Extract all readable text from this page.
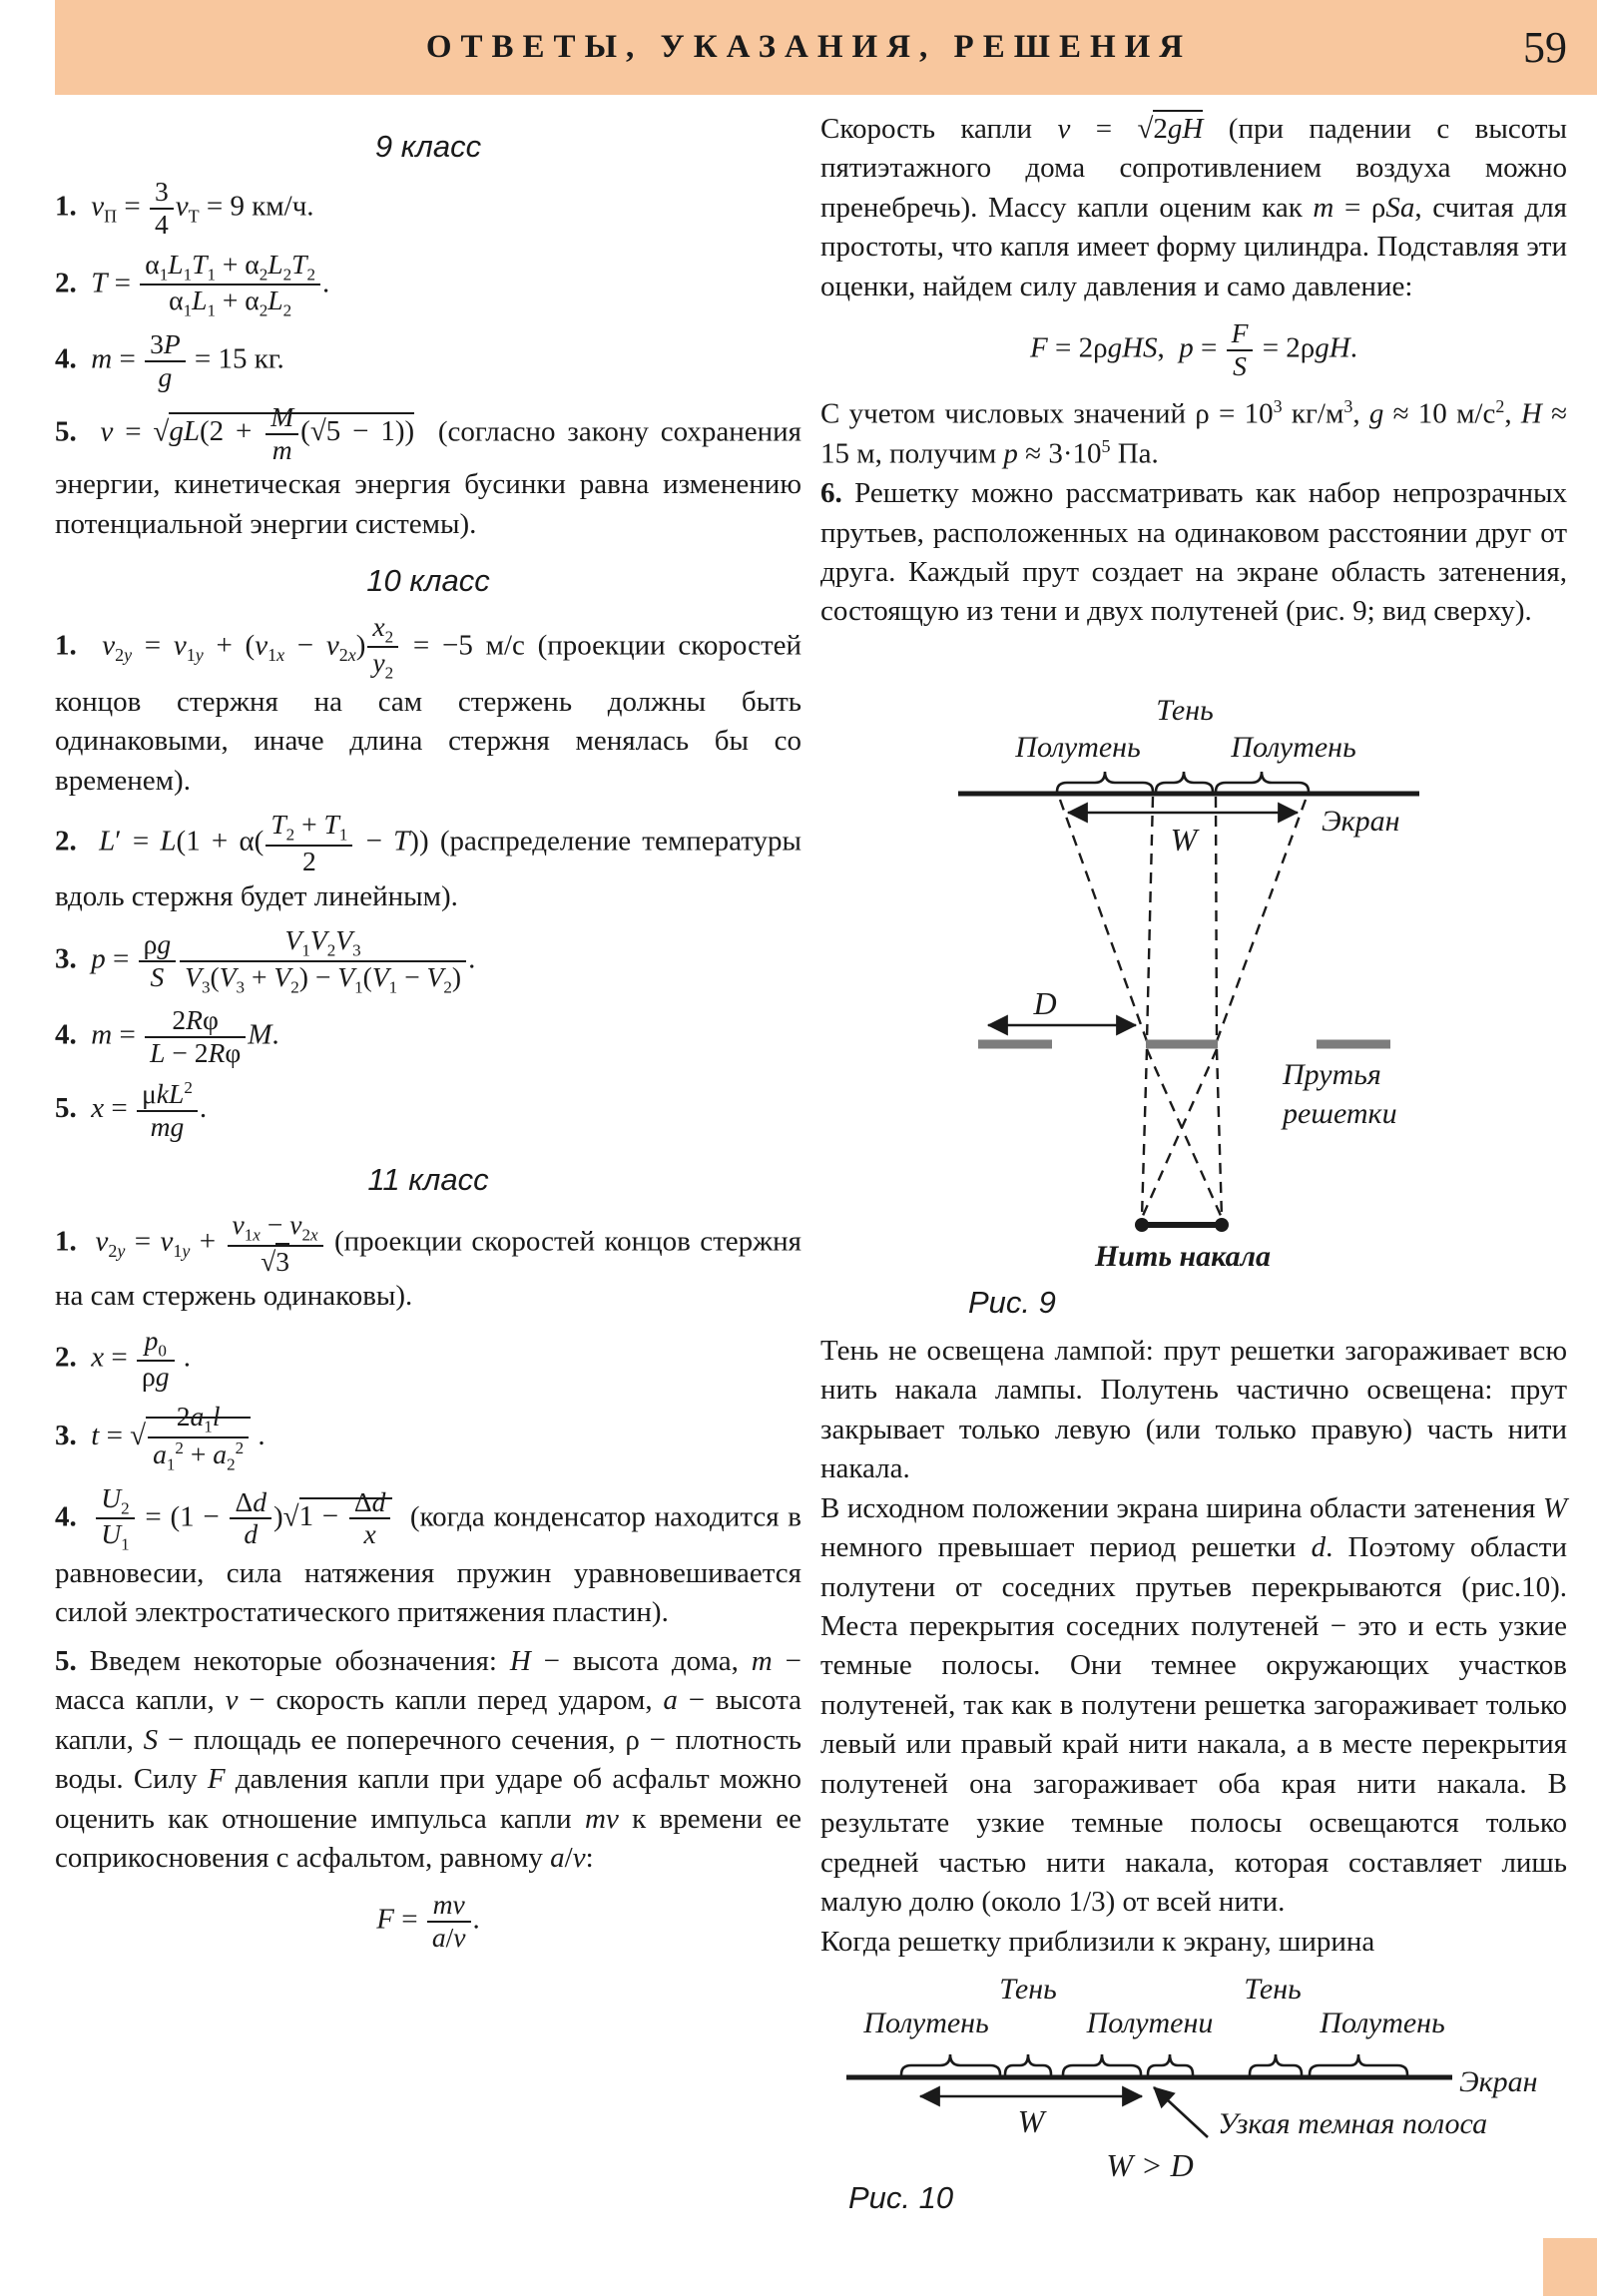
ОТВЕТЫ, УКАЗАНИЯ, РЕШЕНИЯ	59
9 класс
1. $v_П = \frac{3}{4} v_Т = 9$ км/ч.
2. $T = \frac{\alpha_1L_1T_1 + \alpha_2L_2T_2}{\alpha_1L_1 + \alpha_2L_2}$ .
4. $m = \frac{3P}{g} = 15$ кг.
5. $v = √gL(2 + \frac{M}{m} (√5 - 1))$  (согласно закону сохранения энергии, кинетическая энергия бусинки равна изменению потенциальной энергии системы).
10 класс
1. $v_{2y} = v_{1y} + (v_{1x} - v_{2x}) \frac{x_2}{y_2} = -5$ м/с (проекции скоростей концов стержня на сам стержень должны быть одинаковыми, иначе длина стержня менялась бы со временем).
2. $L' = L(1 + \alpha( \frac{T_2 + T_1}{2} - T))$ (распределение температуры вдоль стержня будет линейным).
3. $p = \frac{\rho g}{S} \frac{V_1V_2V_3}{V_3(V_3 + V_2) - V_1(V_1 - V_2)}$ .
4. $m = \frac{2R\varphi}{L - 2R\varphi} M$.
5. x = μkL$^2$
mg
.
11 класс
1. $v_{2y} = v_{1y} + \frac{v_{1x} - v_{2x}}{√3}$ (проекции скоростей концов стержня на сам стержень одинаковы).
2. $x = \frac{p_0}{\rho g}$ .
3. t = √ $\frac{2a_1l}{a_1^2 + a_2^2}$ .
4. $\frac{U_2}{U_1} = (1 - \frac{\Delta d}{d} )√1 - \frac{\Delta d}{x}$ (когда конденсатор находится в равновесии, сила натяжения пружин уравновешивается силой электростатического притяжения пластин).
5. Введем некоторые обозначения: H − высота дома, m − масса капли, v − скорость капли перед ударом, a − высота капли, S − площадь ее поперечного сечения, ρ − плотность воды. Силу F давления капли при ударе об асфальт можно оценить как отношение импульса капли mv к времени ее соприкосновения с асфальтом, равному a/v:
$F = \frac{mv}{a/v}$ .
Скорость капли v = √2gH (при падении с высоты пятиэтажного дома сопротивлением воздуха можно пренебречь). Массу капли оценим как m = ρSa, считая для простоты, что капля имеет форму цилиндра. Подставляя эти оценки, найдем силу давления и само давление:
F = 2ρgHS,  $p = \frac{F}{S} = 2\rho gH$.
С учетом числовых значений $\rho = 10^3$ $кг/м^3$, g ≈ 10 $м/с^2$, H ≈ 15 м, получим $p \approx 3\cdot 10^5$ Па.
6. Решетку можно рассматривать как набор непрозрачных прутьев, расположенных на одинаковом расстоянии друг от друга. Каждый прут создает на экране область затенения, состоящую из тени и двух полутеней (рис. 9; вид сверху).
Тень
Полутень	Полутень
Экран
W
D
Прутья
решетки
Нить накала
Рис. 9
Тень не освещена лампой: прут решетки загораживает всю нить накала лампы. Полутень частично освещена: прут закрывает только левую (или только правую) часть нити накала.
В исходном положении экрана ширина области затенения W немного превышает период решетки d. Поэтому области полутени от соседних прутьев перекрываются (рис.10). Места перекрытия соседних полутеней − это и есть узкие темные полосы. Они темнее окружающих участков полутеней, так как в полутени решетка загораживает только левый или правый край нити накала, а в месте перекрытия полутеней она загораживает оба края нити накала. В результате узкие темные полосы освещаются только средней частью нити накала, которая составляет лишь малую долю (около 1/3) от всей нити.
Когда решетку приблизили к экрану, ширина
Тень	Тень
Полутень	Полутени	Полутень
Экран
W	Узкая темная полоса
W > D
Рис. 10
